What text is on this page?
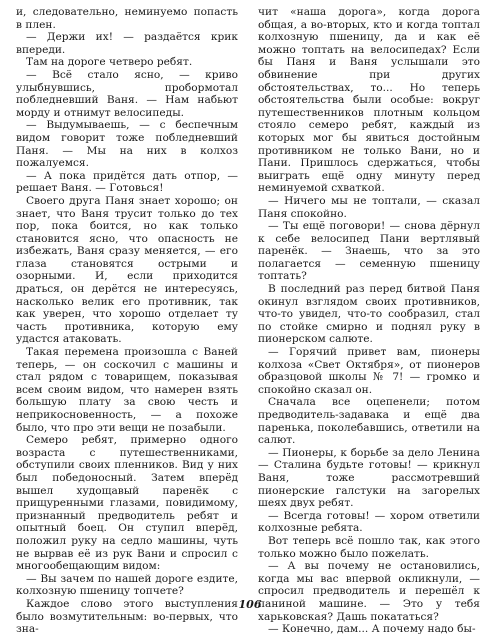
и, следовательно, неминуемо попасть в плен.

— Держи их! — раздаётся крик впереди.

Там на дороге четверо ребят.

— Всё стало ясно, — криво улыбнувшись, пробормотал побледневший Ваня. — Нам набьют морду и отнимут велосипеды.

— Выдумываешь, — с беспечным видом говорит тоже побледневший Паня. — Мы на них в колхоз пожалуемся.

— А пока придётся дать отпор, — решает Ваня. — Готовься!

Своего друга Паня знает хорошо; он знает, что Ваня трусит только до тех пор, пока боится, но как только становится ясно, что опасность не избежать, Ваня сразу меняется, — его глаза становятся острыми и озорными. И, если приходится драться, он дерётся не интересуясь, насколько велик его противник, так как уверен, что хорошо отделает ту часть противника, которую ему удастся атаковать.

Такая перемена произошла с Ваней теперь, — он соскочил с машины и стал рядом с товарищем, показывая всем своим видом, что намерен взять большую плату за свою честь и неприкосновенность, — а похоже было, что про эти вещи не позабыли.

Семеро ребят, примерно одного возраста с путешественниками, обступили своих пленников. Вид у них был победоносный. Затем вперёд вышел худощавый паренёк с прищуренными глазами, повидимому, признанный предводитель ребят и опытный боец. Он ступил вперёд, положил руку на седло машины, чуть не вырвав её из рук Вани и спросил с многообещающим видом:

— Вы зачем по нашей дороге ездите, колхозную пшеницу топчете?

Каждое слово этого выступления было возмутительным: во-первых, что зна-

чит «наша дорога», когда дорога общая, а во-вторых, кто и когда топтал колхозную пшеницу, да и как её можно топтать на велосипедах? Если бы Паня и Ваня услышали это обвинение при других обстоятельствах, то... Но теперь обстоятельства были особые: вокруг путешественников плотным кольцом стояло семеро ребят, каждый из которых мог бы явиться достойным противником не только Вани, но и Пани. Пришлось сдержаться, чтобы выиграть ещё одну минуту перед неминуемой схваткой.

— Ничего мы не топтали, — сказал Паня спокойно.

— Ты ещё поговори! — снова дёрнул к себе велосипед Пани вертлявый паренёк. — Знаешь, что за это полагается — семенную пшеницу топтать?

В последний раз перед битвой Паня окинул взглядом своих противников, что-то увидел, что-то сообразил, стал по стойке смирно и поднял руку в пионерском салюте.

— Горячий привет вам, пионеры колхоза «Свет Октября», от пионеров образцовой школы № 7! — громко и спокойно сказал он.

Сначала все оцепенели; потом предводитель-задавака и ещё два паренька, поколебавшись, ответили на салют.

— Пионеры, к борьбе за дело Ленина — Сталина будьте готовы! — крикнул Ваня, тоже рассмотревший пионерские галстуки на загорелых шеях двух ребят.

— Всегда готовы! — хором ответили колхозные ребята.

Вот теперь всё пошло так, как этого только можно было пожелать.

— А вы почему не остановились, когда мы вас впервой окликнули, — спросил предводитель и перешёл к паниной машине. — Это у тебя харьковская? Дашь покататься?

— Конечно, дам... А почему надо бы-

106
